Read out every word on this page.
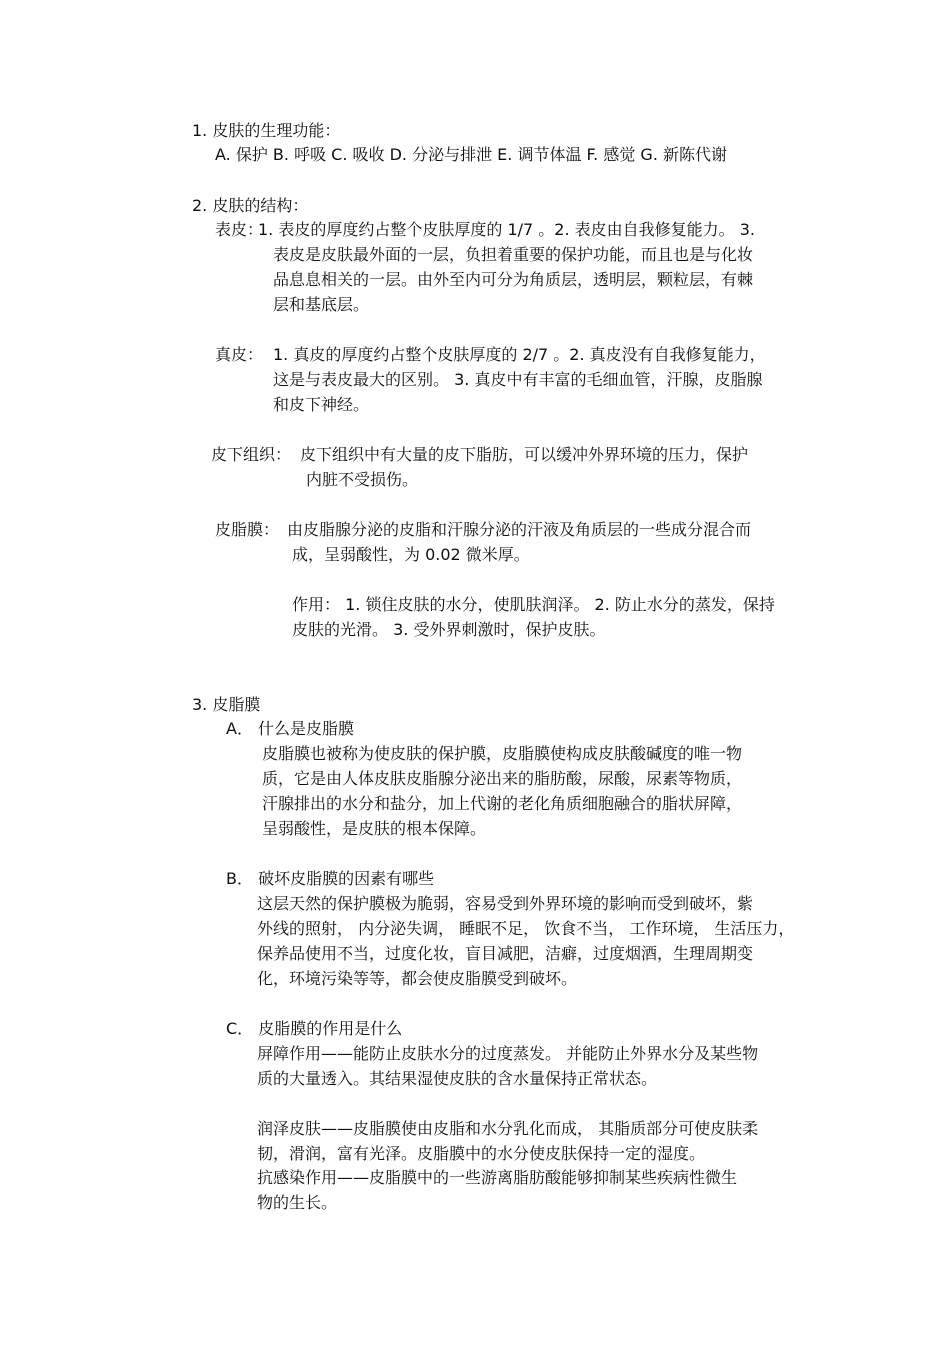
1. 皮肤的生理功能：
A. 保护 B. 呼吸 C. 吸收 D. 分泌与排泄 E. 调节体温 F. 感觉 G. 新陈代谢
2. 皮肤的结构：
表皮：
1. 表皮的厚度约占整个皮肤厚度的 1/7 。2. 表皮由自我修复能力。 3.
表皮是皮肤最外面的一层，负担着重要的保护功能，而且也是与化妆
品息息相关的一层。由外至内可分为角质层，透明层，颗粒层，有棘
层和基底层。
真皮： 1. 真皮的厚度约占整个皮肤厚度的 2/7 。2. 真皮没有自我修复能力，
这是与表皮最大的区别。 3. 真皮中有丰富的毛细血管，汗腺，皮脂腺
和皮下神经。
皮下组织： 皮下组织中有大量的皮下脂肪，可以缓冲外界环境的压力，保护
内脏不受损伤。
皮脂膜： 由皮脂腺分泌的皮脂和汗腺分泌的汗液及角质层的一些成分混合而
成，呈弱酸性，为 0.02 微米厚。
作用： 1. 锁住皮肤的水分，使肌肤润泽。 2. 防止水分的蒸发，保持
皮肤的光滑。 3. 受外界刺激时，保护皮肤。
3. 皮脂膜
A． 什么是皮脂膜
皮脂膜也被称为使皮肤的保护膜，皮脂膜使构成皮肤酸碱度的唯一物
质，它是由人体皮肤皮脂腺分泌出来的脂肪酸，尿酸，尿素等物质，
汗腺排出的水分和盐分，加上代谢的老化角质细胞融合的脂状屏障，
呈弱酸性，是皮肤的根本保障。
B． 破坏皮脂膜的因素有哪些
这层天然的保护膜极为脆弱，容易受到外界环境的影响而受到破坏，紫
外线的照射， 内分泌失调， 睡眠不足， 饮食不当， 工作环境， 生活压力，
保养品使用不当，过度化妆，盲目减肥，洁癖，过度烟酒，生理周期变
化，环境污染等等，都会使皮脂膜受到破坏。
C． 皮脂膜的作用是什么
屏障作用——能防止皮肤水分的过度蒸发。 并能防止外界水分及某些物
质的大量透入。其结果湿使皮肤的含水量保持正常状态。
润泽皮肤——皮脂膜使由皮脂和水分乳化而成， 其脂质部分可使皮肤柔
韧，滑润，富有光泽。皮脂膜中的水分使皮肤保持一定的湿度。
抗感染作用——皮脂膜中的一些游离脂肪酸能够抑制某些疾病性微生
物的生长。
